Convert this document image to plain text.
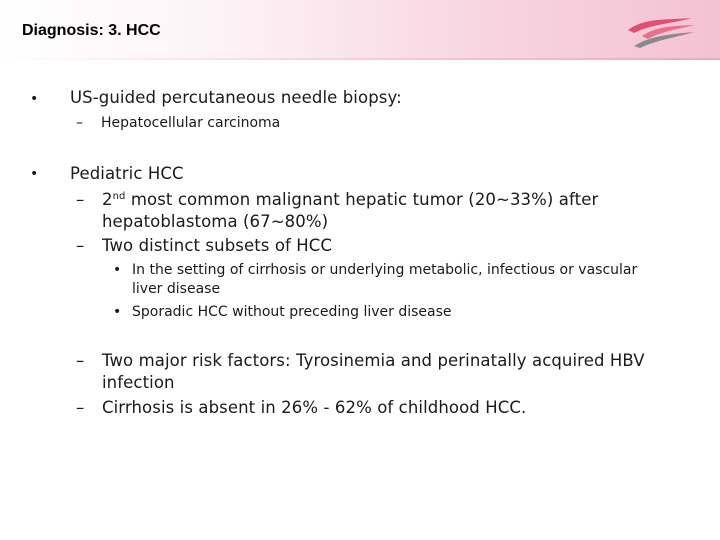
Diagnosis: 3. HCC
• US-guided percutaneous needle biopsy:
– Hepatocellular carcinoma
• Pediatric HCC
– 2nd most common malignant hepatic tumor (20~33%) after
hepatoblastoma (67~80%)
– Two distinct subsets of HCC
• In the setting of cirrhosis or underlying metabolic, infectious or vascular
liver disease
• Sporadic HCC without preceding liver disease
– Two major risk factors: Tyrosinemia and perinatally acquired HBV
infection
– Cirrhosis is absent in 26% - 62% of childhood HCC.
